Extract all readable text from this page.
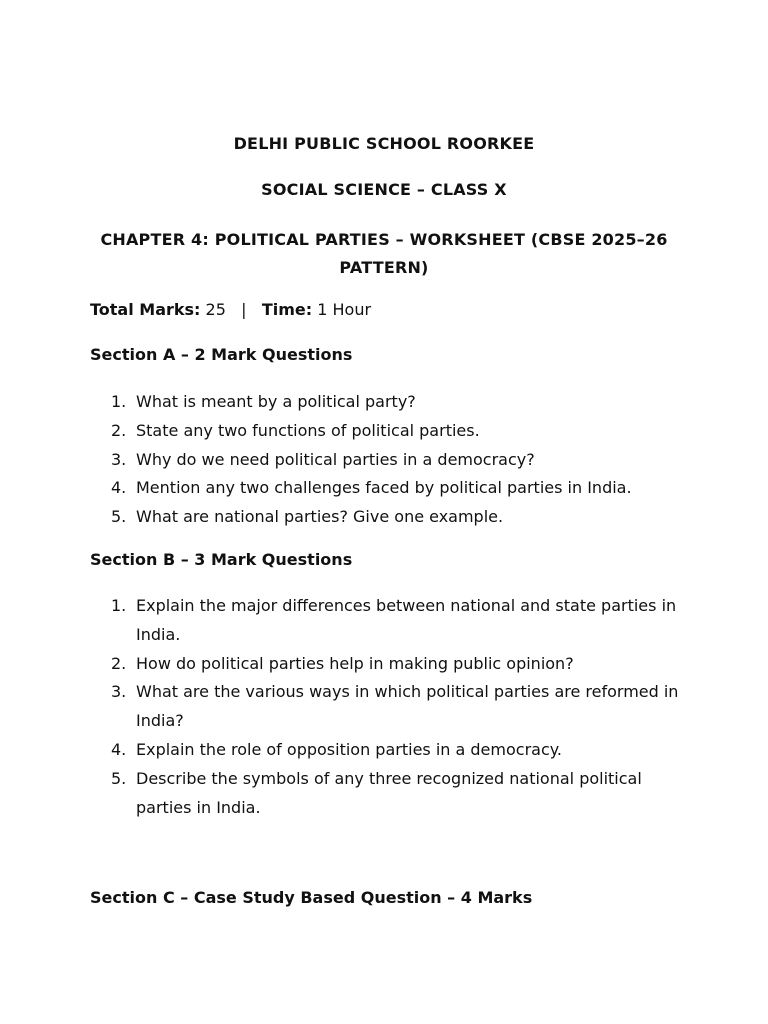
DELHI PUBLIC SCHOOL ROORKEE
SOCIAL SCIENCE – CLASS X
CHAPTER 4: POLITICAL PARTIES – WORKSHEET (CBSE 2025–26 PATTERN)
Total Marks: 25 | Time: 1 Hour
Section A – 2 Mark Questions
1. What is meant by a political party?
2. State any two functions of political parties.
3. Why do we need political parties in a democracy?
4. Mention any two challenges faced by political parties in India.
5. What are national parties? Give one example.
Section B – 3 Mark Questions
1. Explain the major differences between national and state parties in India.
2. How do political parties help in making public opinion?
3. What are the various ways in which political parties are reformed in India?
4. Explain the role of opposition parties in a democracy.
5. Describe the symbols of any three recognized national political parties in India.
Section C – Case Study Based Question – 4 Marks
